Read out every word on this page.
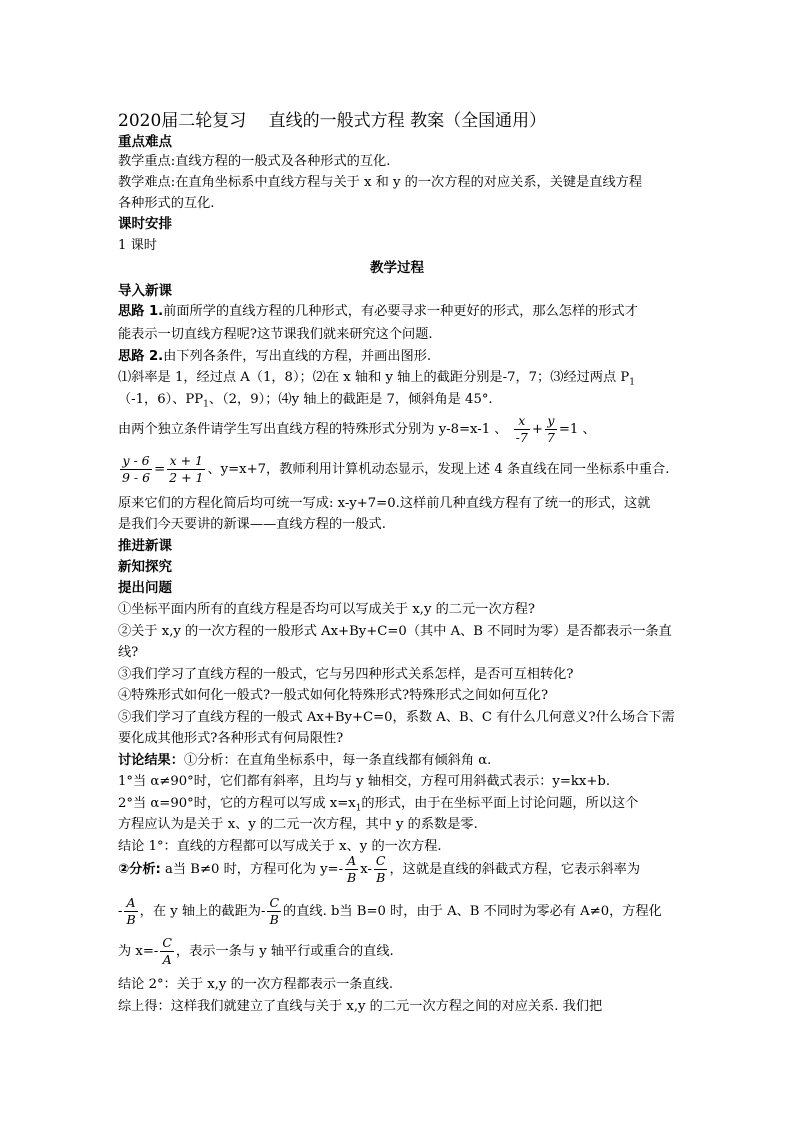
2020届二轮复习　 直线的一般式方程 教案（全国通用）
重点难点
教学重点:直线方程的一般式及各种形式的互化.
教学难点:在直角坐标系中直线方程与关于 x 和 y 的一次方程的对应关系，关键是直线方程
各种形式的互化.
课时安排
1 课时
教学过程
导入新课
思路 1.前面所学的直线方程的几种形式，有必要寻求一种更好的形式，那么怎样的形式才
能表示一切直线方程呢?这节课我们就来研究这个问题.
思路 2.由下列各条件，写出直线的方程，并画出图形.
⑴斜率是 1，经过点 A（1，8）；⑵在 x 轴和 y 轴上的截距分别是-7，7；⑶经过两点 $P_1$
（-1，6）、$PP_1$、（2，9）；⑷y 轴上的截距是 7，倾斜角是 45°.
由两个独立条件请学生写出直线方程的特殊形式分别为 y-8=x-1 、 $\frac{x}{-7} + \frac{y}{7} =1$ 、
$\frac{y - 6}{9 - 6} = \frac{x + 1}{2 + 1}$ 、y=x+7，教师利用计算机动态显示，发现上述 4 条直线在同一坐标系中重合.
原来它们的方程化简后均可统一写成: x-y+7=0.这样前几种直线方程有了统一的形式，这就
是我们今天要讲的新课——直线方程的一般式.
推进新课
新知探究
提出问题
①坐标平面内所有的直线方程是否均可以写成关于 x,y 的二元一次方程?
②关于 x,y 的一次方程的一般形式 Ax+By+C=0（其中 A、B 不同时为零）是否都表示一条直
线?
③我们学习了直线方程的一般式，它与另四种形式关系怎样，是否可互相转化?
④特殊形式如何化一般式?一般式如何化特殊形式?特殊形式之间如何互化?
⑤我们学习了直线方程的一般式 Ax+By+C=0，系数 A、B、C 有什么几何意义?什么场合下需
要化成其他形式?各种形式有何局限性?
讨论结果：①分析：在直角坐标系中，每一条直线都有倾斜角 α.
1°当 α≠90°时，它们都有斜率，且均与 y 轴相交，方程可用斜截式表示：y=kx+b.
2°当 α=90°时，它的方程可以写成 $x=x_1$的形式，由于在坐标平面上讨论问题，所以这个
方程应认为是关于 x、y 的二元一次方程，其中 y 的系数是零.
结论 1°：直线的方程都可以写成关于 x、y 的一次方程.
②分析: a当 B≠0 时，方程可化为 $y=- \frac{A}{B} x- \frac{C}{B}$ ，这就是直线的斜截式方程，它表示斜率为
- $\frac{A}{B}$ ，在 y 轴上的截距为- $\frac{C}{B}$ 的直线. b当 B=0 时，由于 A、B 不同时为零必有 A≠0，方程化
为 $x=- \frac{C}{A}$ ，表示一条与 y 轴平行或重合的直线.
结论 2°：关于 x,y 的一次方程都表示一条直线.
综上得：这样我们就建立了直线与关于 x,y 的二元一次方程之间的对应关系. 我们把
